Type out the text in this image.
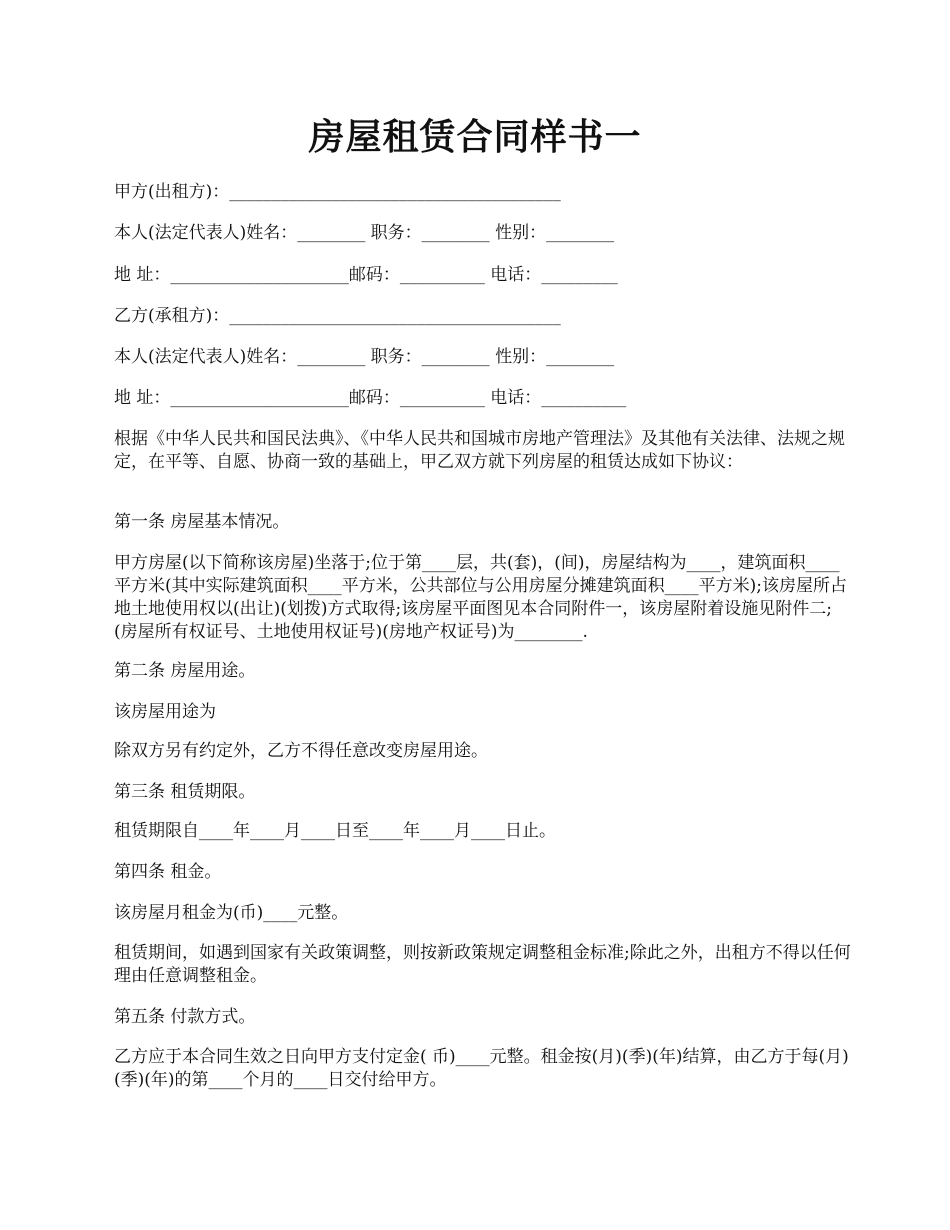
房屋租赁合同样书一

甲方(出租方)：_______________________________________

本人(法定代表人)姓名：________ 职务：________ 性别：________

地 址：_____________________邮码：__________ 电话：_________

乙方(承租方)：_______________________________________

本人(法定代表人)姓名：________ 职务：________ 性别：________

地 址：_____________________邮码：__________ 电话：__________

根据《中华人民共和国民法典》、《中华人民共和国城市房地产管理法》及其他有关法律、法规之规定，在平等、自愿、协商一致的基础上，甲乙双方就下列房屋的租赁达成如下协议：

第一条 房屋基本情况。

甲方房屋(以下简称该房屋)坐落于;位于第____层，共(套)，(间)，房屋结构为____，建筑面积____平方米(其中实际建筑面积____平方米，公共部位与公用房屋分摊建筑面积____平方米);该房屋所占地土地使用权以(出让)(划拨)方式取得;该房屋平面图见本合同附件一，该房屋附着设施见附件二;(房屋所有权证号、土地使用权证号)(房地产权证号)为________.

第二条 房屋用途。

该房屋用途为

除双方另有约定外，乙方不得任意改变房屋用途。

第三条 租赁期限。

租赁期限自____年____月____日至____年____月____日止。

第四条 租金。

该房屋月租金为(币)____元整。

租赁期间，如遇到国家有关政策调整，则按新政策规定调整租金标准;除此之外，出租方不得以任何理由任意调整租金。

第五条 付款方式。

乙方应于本合同生效之日向甲方支付定金( 币)____元整。租金按(月)(季)(年)结算，由乙方于每(月)(季)(年)的第____个月的____日交付给甲方。
